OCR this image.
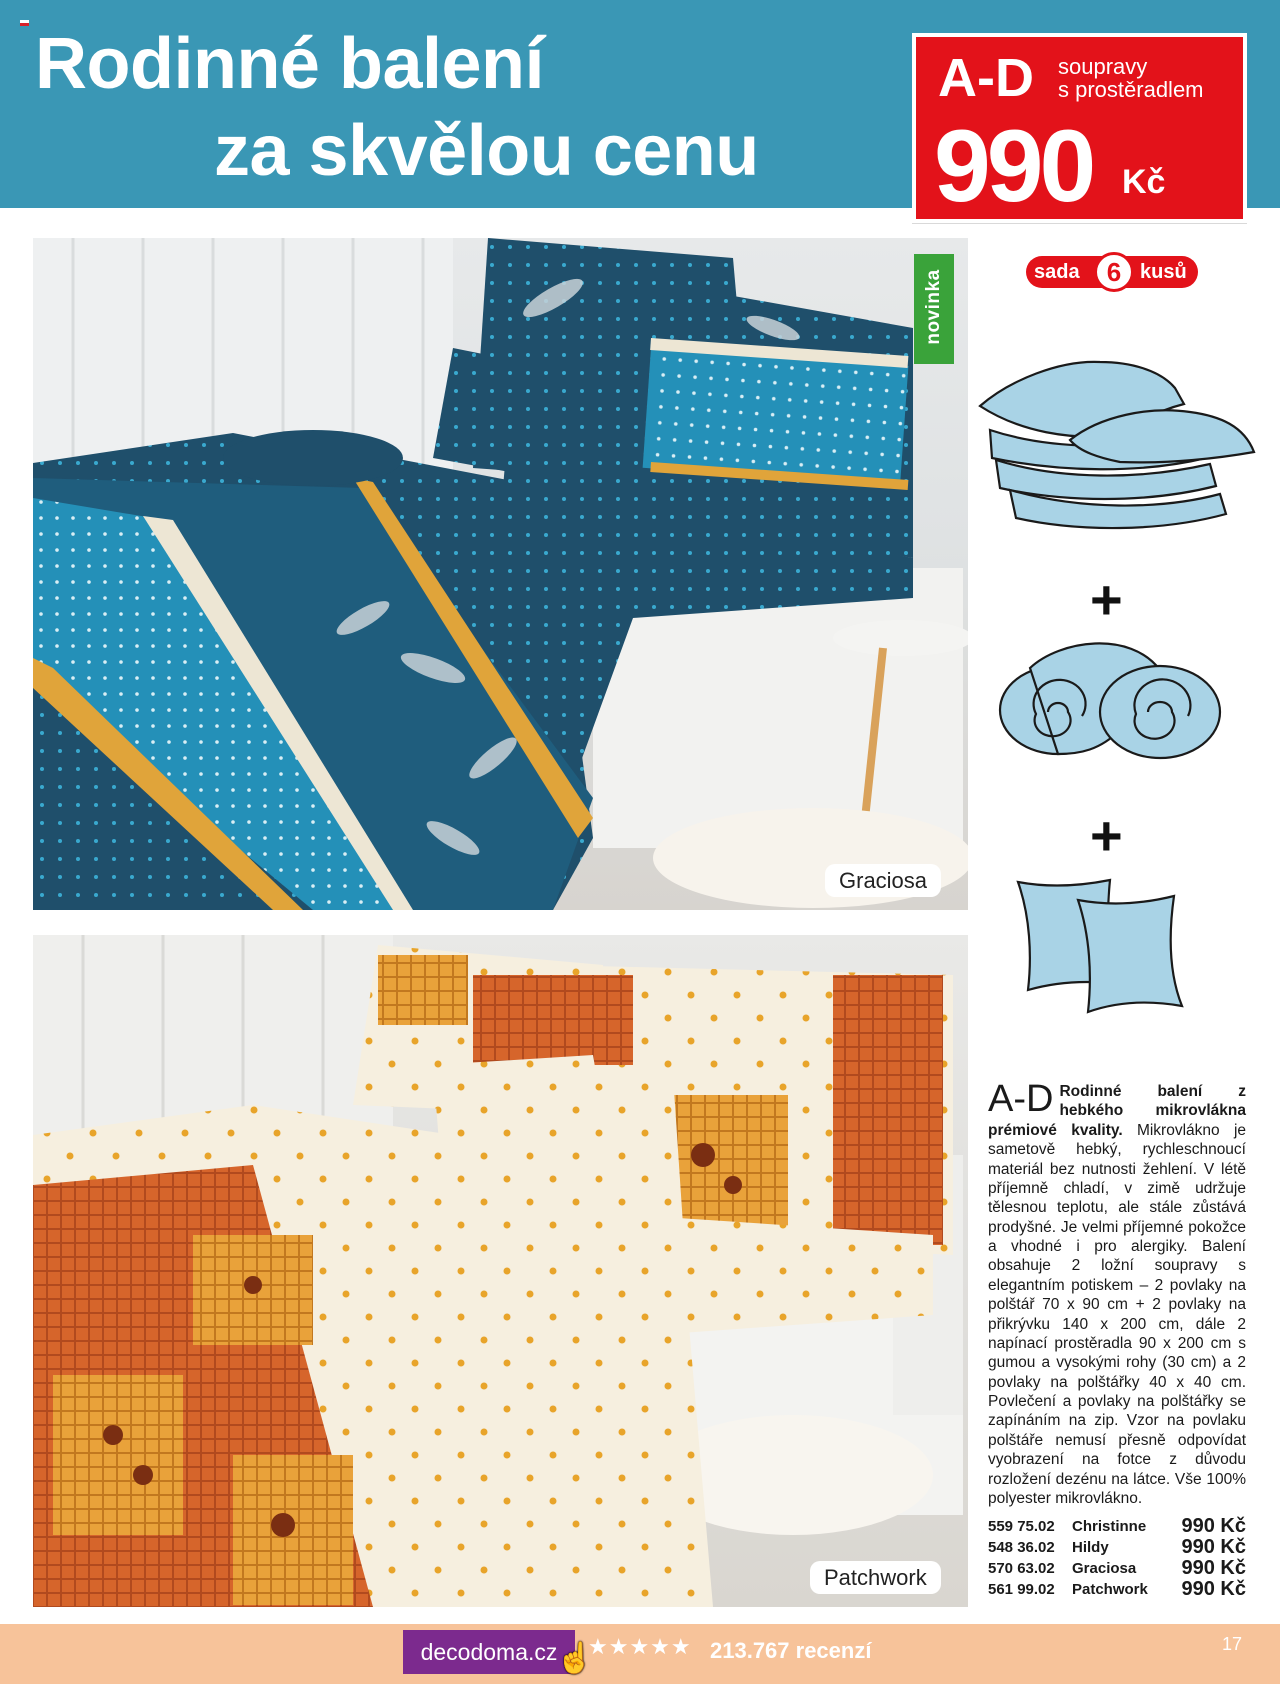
Rodinné balení
za skvělou cenu
A-D soupravy
s prostěradlem
990 Kč
Graciosa
novinka
Patchwork
sada	6 kusů
+
+
A-D Rodinné balení z hebkého mikrovlákna prémiové kvality. Mikrovlákno je sametově hebký, rychleschnoucí materiál bez nutnosti žehlení. V létě příjemně chladí, v zimě udržuje tělesnou teplotu, ale stále zůstává prodyšné. Je velmi příjemné pokožce a vhodné i pro alergiky. Balení obsahuje 2 ložní soupravy s elegantním potiskem – 2 povlaky na polštář 70 x 90 cm + 2 povlaky na přikrývku 140 x 200 cm, dále 2 napínací prostěradla 90 x 200 cm s gumou a vysokými rohy (30 cm) a 2 povlaky na polštářky 40 x 40 cm. Povlečení a povlaky na polštářky se zapínáním na zip. Vzor na povlaku polštáře nemusí přesně odpovídat vyobrazení na fotce z důvodu rozložení dezénu na látce. Vše 100% polyester mikrovlákno.
559 75.02 Christinne 990 Kč
548 36.02 Hildy	990 Kč
570 63.02 Graciosa 990 Kč
561 99.02 Patchwork 990 Kč
decodoma.cz
☝
★★★★★ 213.767 recenzí	17
